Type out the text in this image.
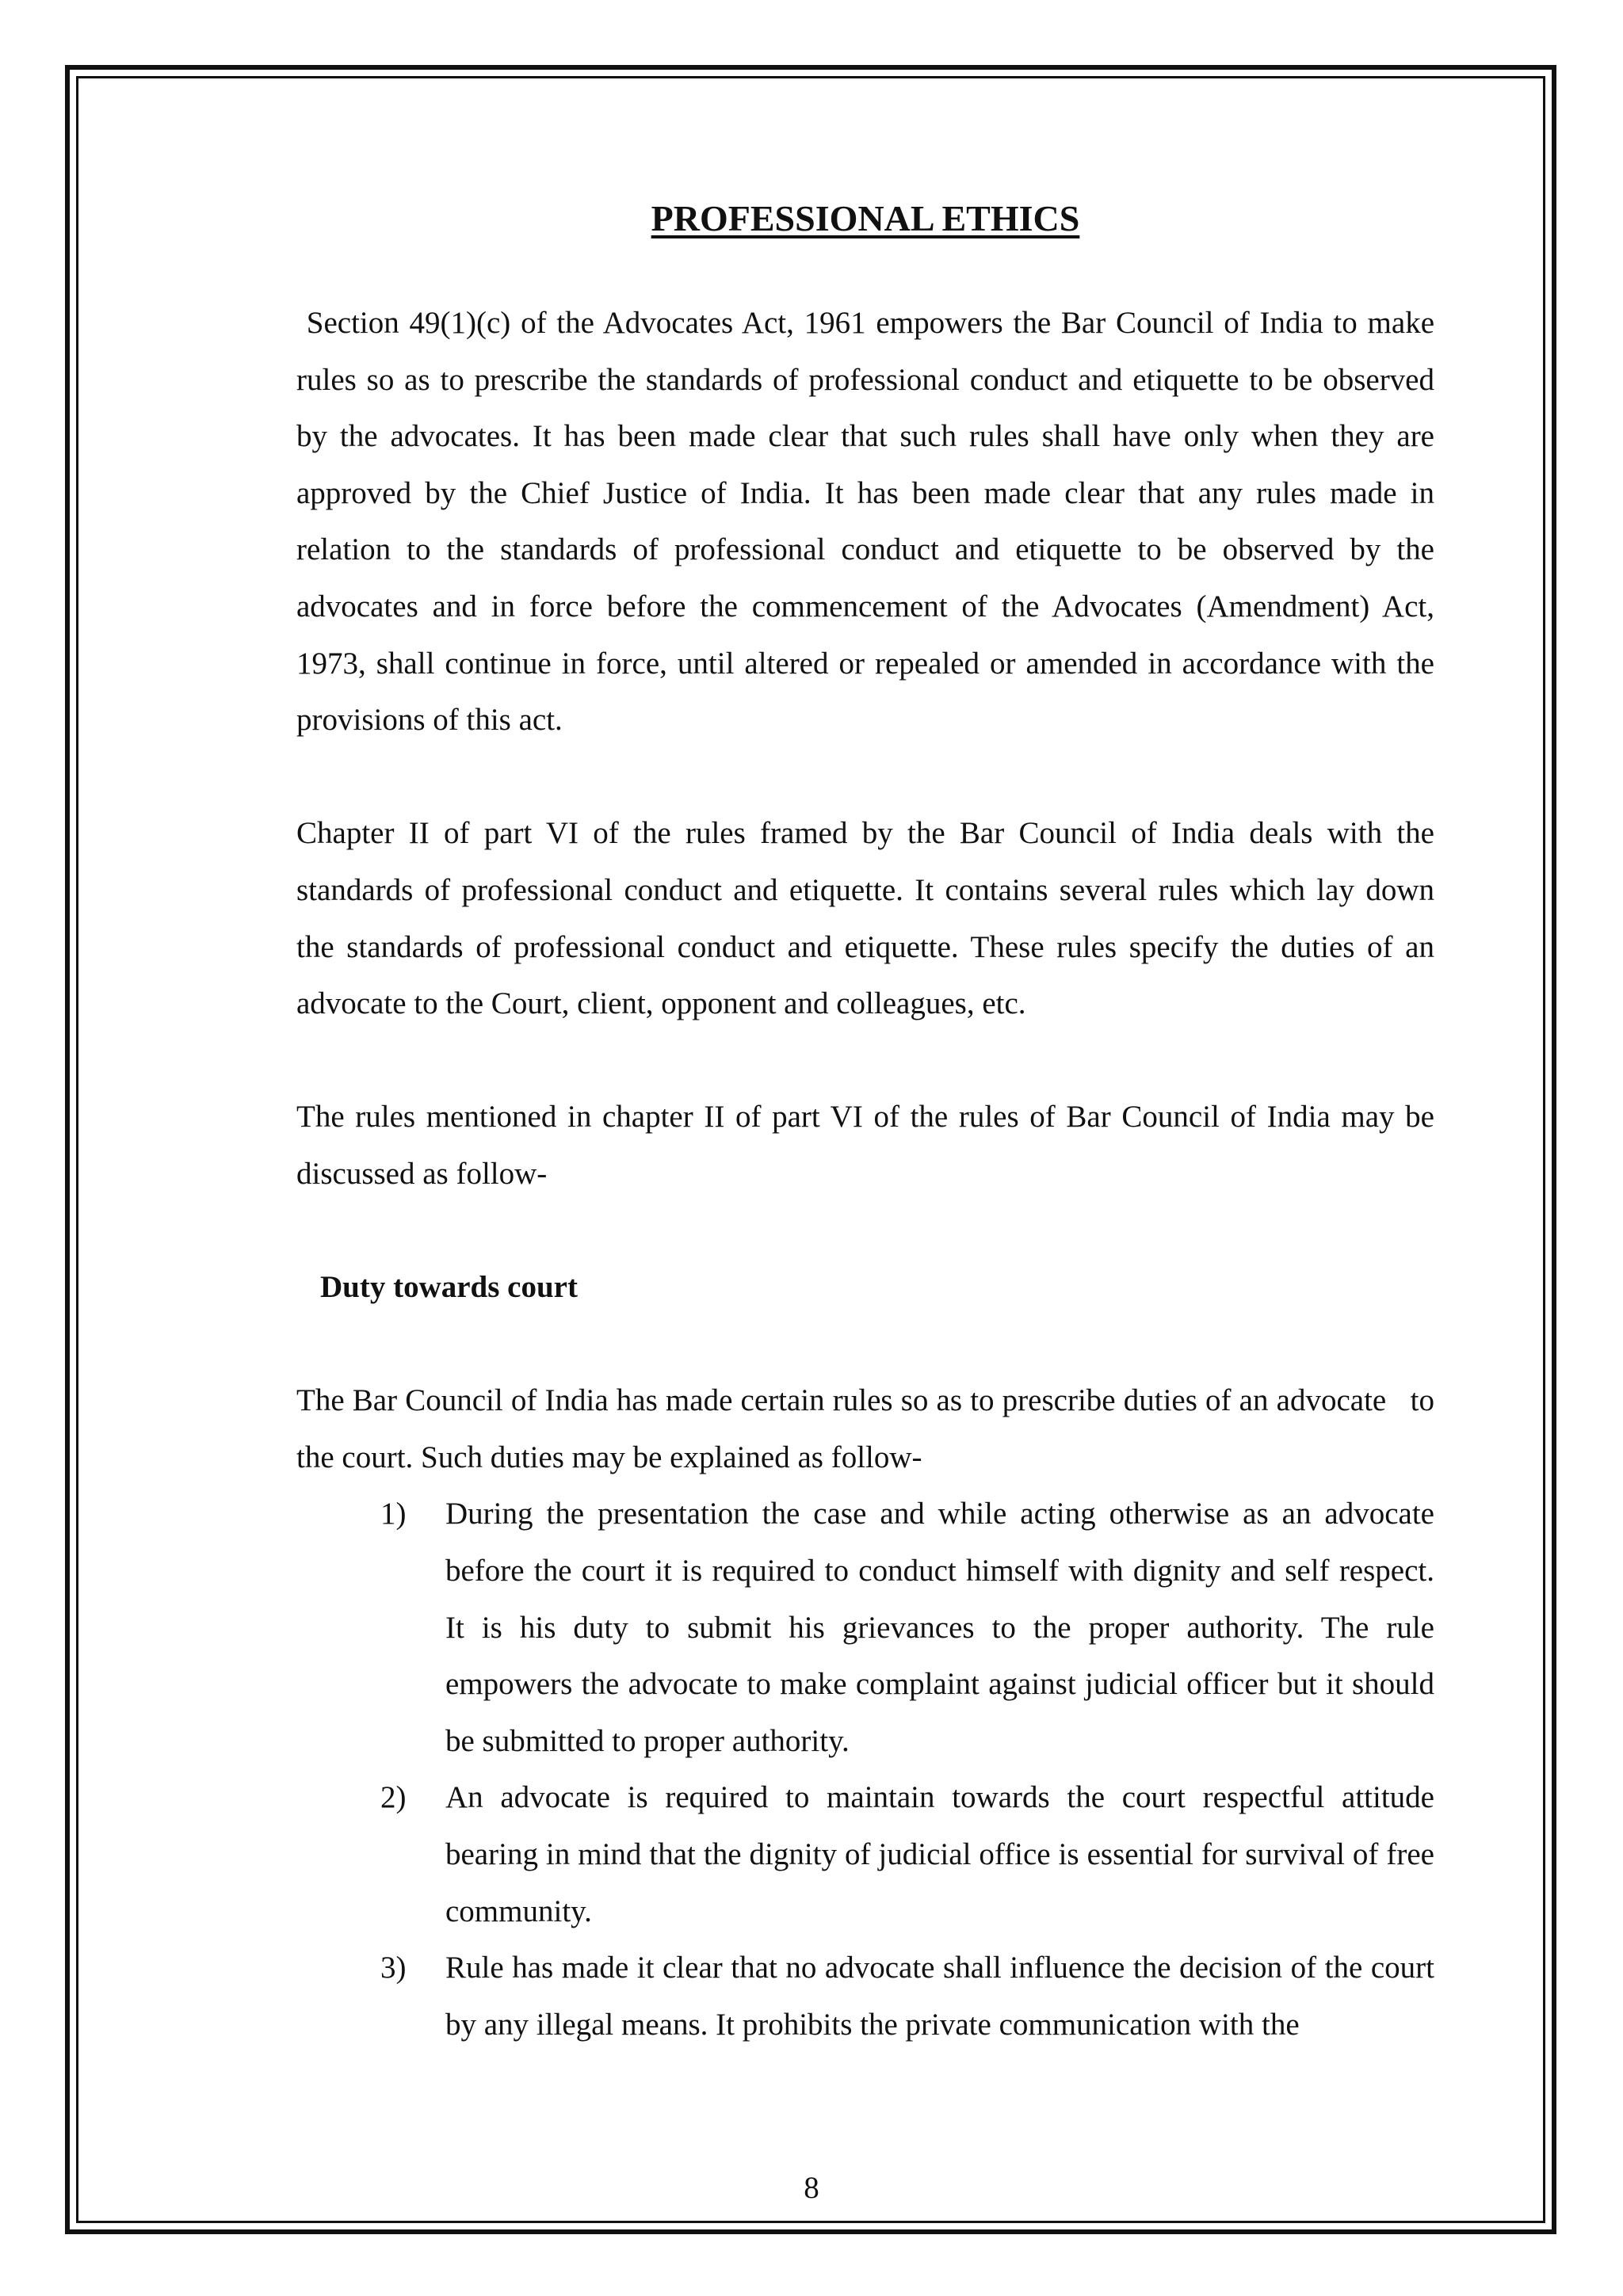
PROFESSIONAL ETHICS

Section 49(1)(c) of the Advocates Act, 1961 empowers the Bar Council of India to make rules so as to prescribe the standards of professional conduct and etiquette to be observed by the advocates. It has been made clear that such rules shall have only when they are approved by the Chief Justice of India. It has been made clear that any rules made in relation to the standards of professional conduct and etiquette to be observed by the advocates and in force before the commencement of the Advocates (Amendment) Act, 1973, shall continue in force, until altered or repealed or amended in accordance with the provisions of this act.

Chapter II of part VI of the rules framed by the Bar Council of India deals with the standards of professional conduct and etiquette. It contains several rules which lay down the standards of professional conduct and etiquette. These rules specify the duties of an advocate to the Court, client, opponent and colleagues, etc.

The rules mentioned in chapter II of part VI of the rules of Bar Council of India may be discussed as follow-

Duty towards court

The Bar Council of India has made certain rules so as to prescribe duties of an advocate   to the court. Such duties may be explained as follow-

1) During the presentation the case and while acting otherwise as an advocate before the court it is required to conduct himself with dignity and self respect. It is his duty to submit his grievances to the proper authority. The rule empowers the advocate to make complaint against judicial officer but it should be submitted to proper authority.
2) An advocate is required to maintain towards the court respectful attitude bearing in mind that the dignity of judicial office is essential for survival of free community.
3) Rule has made it clear that no advocate shall influence the decision of the court by any illegal means. It prohibits the private communication with the
8
